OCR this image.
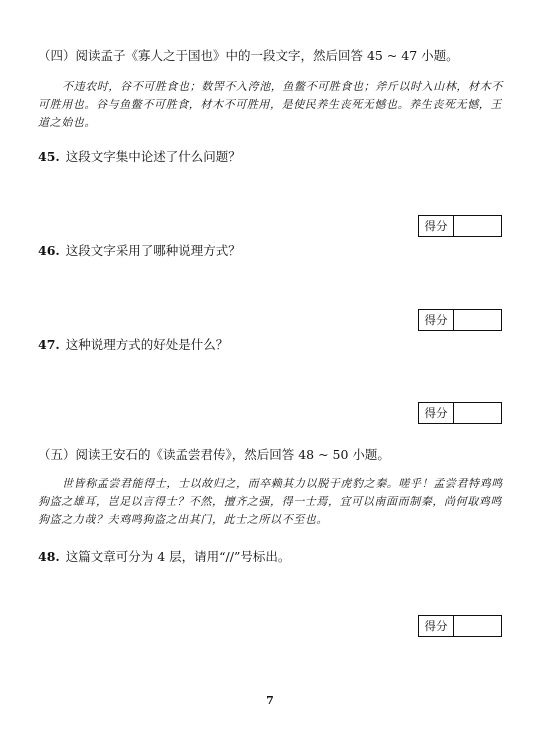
（四）阅读孟子《寡人之于国也》中的一段文字，然后回答 45 ~ 47 小题。
不违农时，谷不可胜食也；数罟不入洿池，鱼鳖不可胜食也；斧斤以时入山林，材木不
可胜用也。谷与鱼鳖不可胜食，材木不可胜用，是使民养生丧死无憾也。养生丧死无憾，王
道之始也。
45. 这段文字集中论述了什么问题？
得分
46. 这段文字采用了哪种说理方式？
得分
47. 这种说理方式的好处是什么？
得分
（五）阅读王安石的《读孟尝君传》，然后回答 48 ~ 50 小题。
世皆称孟尝君能得士，士以故归之，而卒赖其力以脱于虎豹之秦。嗟乎！孟尝君特鸡鸣
狗盗之雄耳，岂足以言得士？不然，擅齐之强，得一士焉，宜可以南面而制秦，尚何取鸡鸣
狗盗之力哉？夫鸡鸣狗盗之出其门，此士之所以不至也。
48. 这篇文章可分为 4 层，请用“//”号标出。
得分
7
